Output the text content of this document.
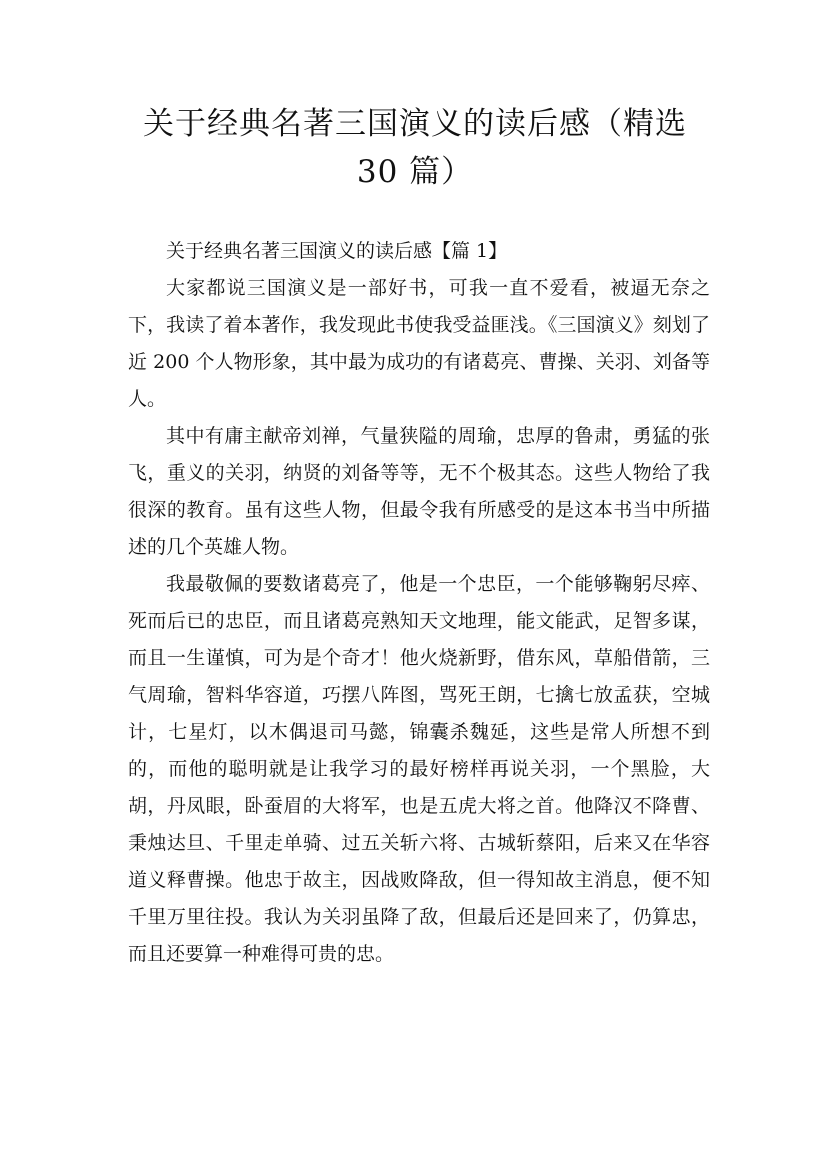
关于经典名著三国演义的读后感（精选 30 篇）

关于经典名著三国演义的读后感【篇 1】

大家都说三国演义是一部好书，可我一直不爱看，被逼无奈之下，我读了着本著作，我发现此书使我受益匪浅。《三国演义》刻划了近 200 个人物形象，其中最为成功的有诸葛亮、曹操、关羽、刘备等人。

其中有庸主献帝刘禅，气量狭隘的周瑜，忠厚的鲁肃，勇猛的张飞，重义的关羽，纳贤的刘备等等，无不个极其态。这些人物给了我很深的教育。虽有这些人物，但最令我有所感受的是这本书当中所描述的几个英雄人物。

我最敬佩的要数诸葛亮了，他是一个忠臣，一个能够鞠躬尽瘁、死而后已的忠臣，而且诸葛亮熟知天文地理，能文能武，足智多谋，而且一生谨慎，可为是个奇才！他火烧新野，借东风，草船借箭，三气周瑜，智料华容道，巧摆八阵图，骂死王朗，七擒七放孟获，空城计，七星灯，以木偶退司马懿，锦囊杀魏延，这些是常人所想不到的，而他的聪明就是让我学习的最好榜样再说关羽，一个黑脸，大胡，丹凤眼，卧蚕眉的大将军，也是五虎大将之首。他降汉不降曹、秉烛达旦、千里走单骑、过五关斩六将、古城斩蔡阳，后来又在华容道义释曹操。他忠于故主，因战败降敌，但一得知故主消息，便不知千里万里往投。我认为关羽虽降了敌，但最后还是回来了，仍算忠，而且还要算一种难得可贵的忠。
